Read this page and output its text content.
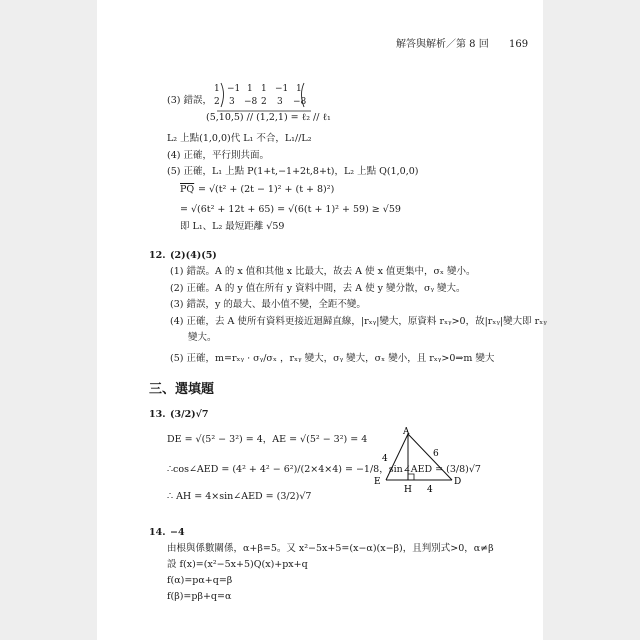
解答與解析／第 8 回 169
(3) 錯誤，
1 −1 1 1 −1 1
2 3 −8 2 3 −8
(5,10,5) // (1,2,1) = ℓ₂ // ℓ₁
L₂ 上點(1,0,0)代 L₁ 不合，L₁//L₂
(4) 正確，平行則共面。
(5) 正確，L₁ 上點 P(1+t,−1+2t,8+t)，L₂ 上點 Q(1,0,0)
$\overline{PQ} = √(t^2 + (2t - 1)^2 + (t + 8)^2)$
= √(6t² + 12t + 65) = √(6(t + 1)² + 59) ≥ √59
即 L₁、L₂ 最短距離 √59
12. (2)(4)(5)
(1) 錯誤。A 的 x 值和其他 x 比最大，故去 A 使 x 值更集中，σₓ 變小。
(2) 正確。A 的 y 值在所有 y 資料中間，去 A 使 y 變分散，σᵧ 變大。
(3) 錯誤，y 的最大、最小值不變，全距不變。
(4) 正確，去 A 使所有資料更接近迴歸直線，|rₓᵧ|變大，原資料 rₓᵧ>0，故|rₓᵧ|變大即 rₓᵧ
變大。
(5) 正確，m=rₓᵧ · σᵧ/σₓ ，rₓᵧ 變大，σᵧ 變大，σₓ 變小，且 rₓᵧ>0⇒m 變大
三、選填題
13. (3/2)√7
DE = √(5² − 3²) = 4，AE = √(5² − 3²) = 4
∴cos∠AED = (4² + 4² − 6²)/(2×4×4) = −1/8，sin∠AED = (3/8)√7
∴ AH = 4×sin∠AED = (3/2)√7
A
E
H
D
4	6
4
14. −4
由根與係數關係，α+β=5。又 x²−5x+5=(x−α)(x−β)，且判別式>0，α≠β
設 f(x)=(x²−5x+5)Q(x)+px+q
f(α)=pα+q=β
f(β)=pβ+q=α
